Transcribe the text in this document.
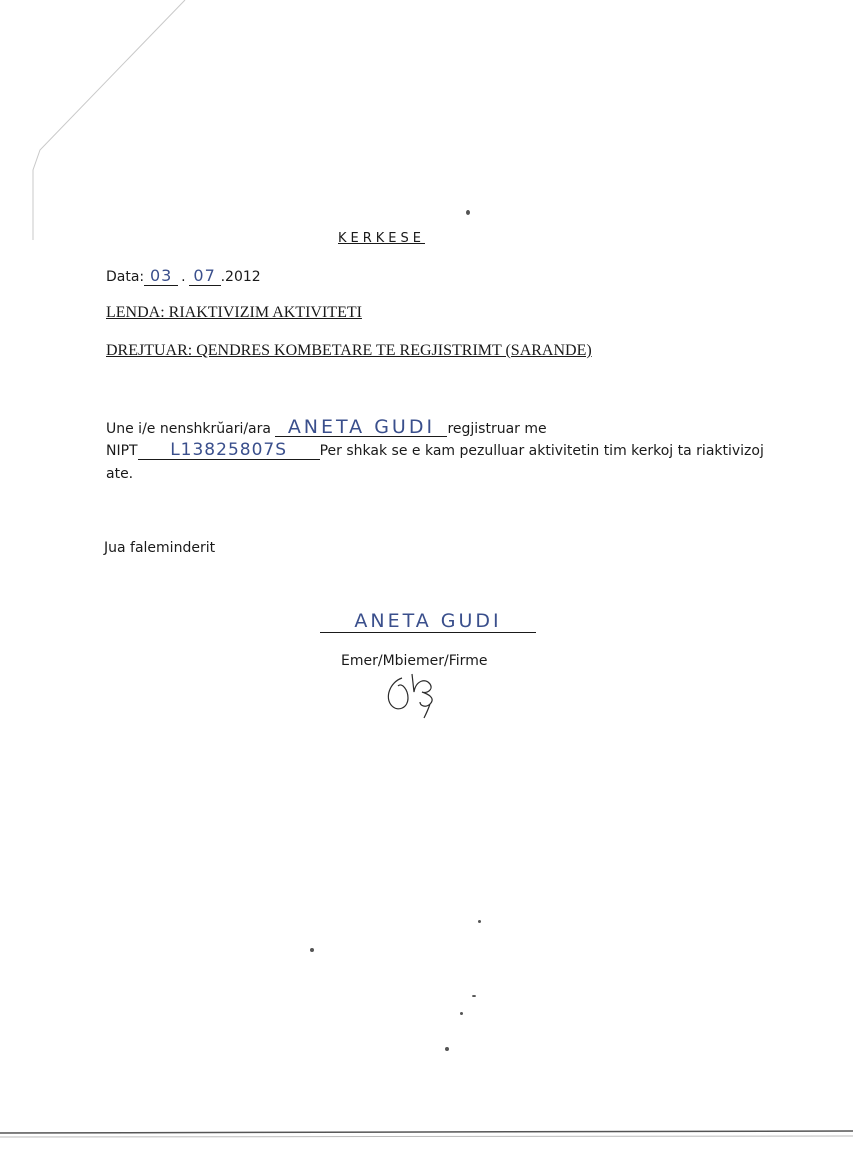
KERKESE
Data: 03 . 07 .2012
LENDA: RIAKTIVIZIM AKTIVITETI
DREJTUAR: QENDRES KOMBETARE TE REGJISTRIMT (SARANDE)
Une i/e nenshkrŭari/ara ANETA GUDI regjistruar me
NIPT L13825807S Per shkak se e kam pezulluar aktivitetin tim kerkoj ta riaktivizoj
ate.
Jua faleminderit
ANETA GUDI
Emer/Mbiemer/Firme
